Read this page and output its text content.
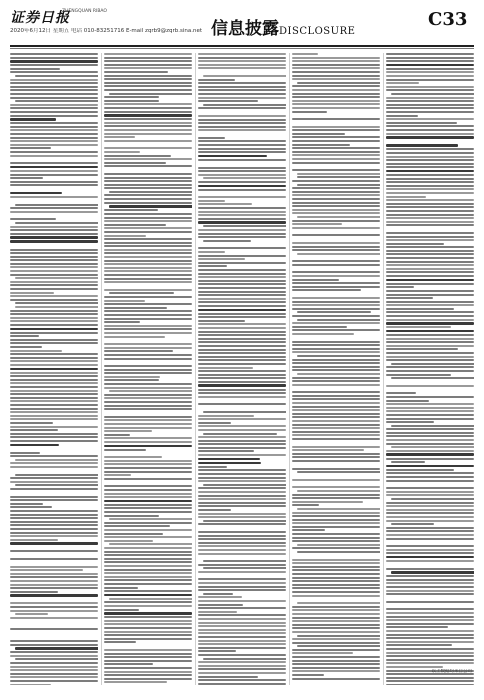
证券日报
ZHENGQUAN RIBAO
2020年6月12日 星期五 电话 010-83251716 E-mail zqrb9@zqrb.sina.net 信息披露DISCLOSURE
C33
以上数据均来自公司
